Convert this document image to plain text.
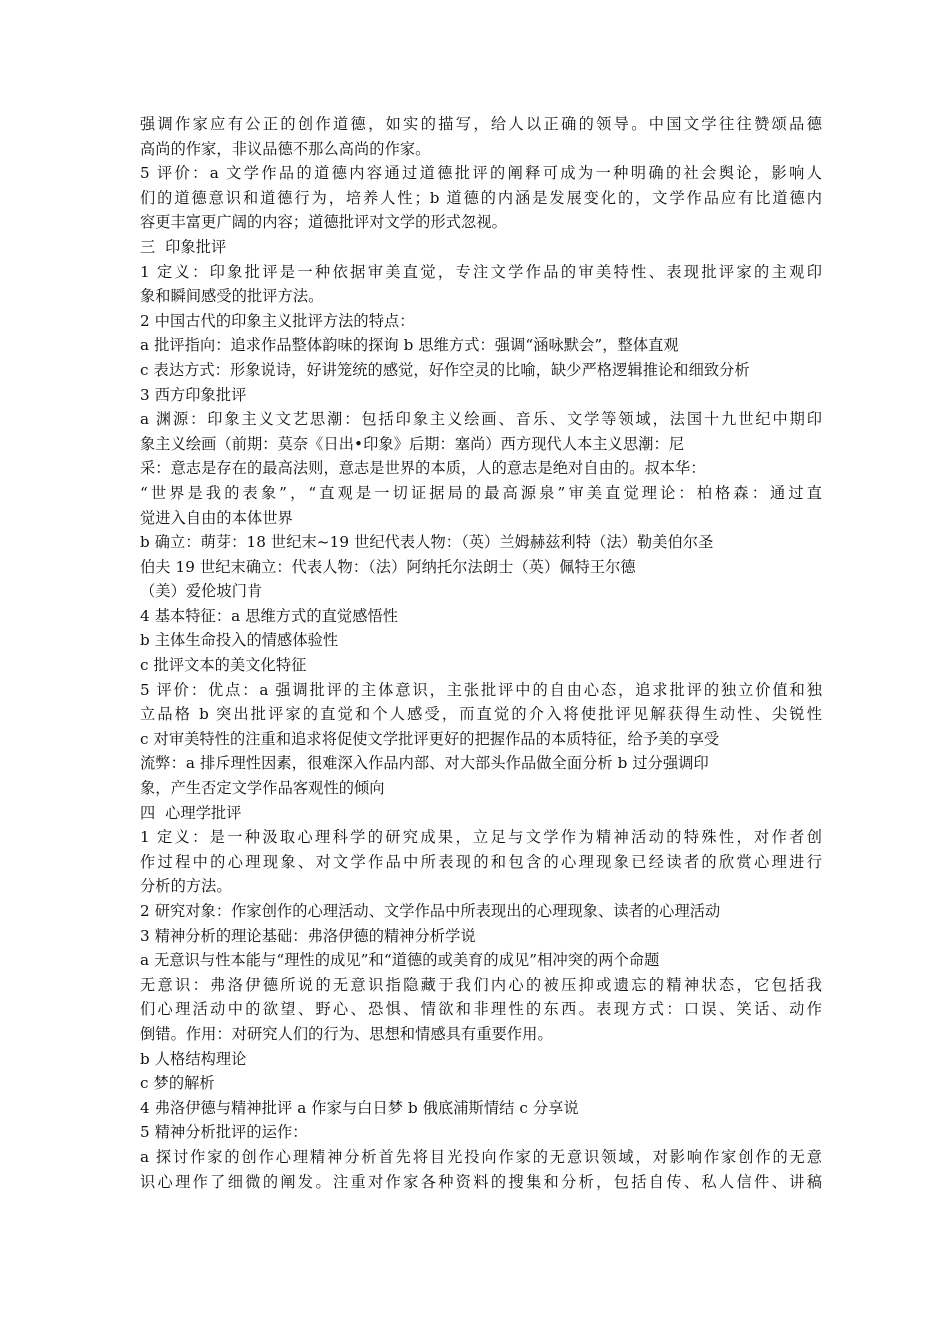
强调作家应有公正的创作道德，如实的描写，给人以正确的领导。中国文学往往赞颂品德
高尚的作家，非议品德不那么高尚的作家。
5 评价：a 文学作品的道德内容通过道德批评的阐释可成为一种明确的社会舆论，影响人
们的道德意识和道德行为，培养人性；b 道德的内涵是发展变化的，文学作品应有比道德内
容更丰富更广阔的内容；道德批评对文学的形式忽视。
三  印象批评
1 定义：印象批评是一种依据审美直觉，专注文学作品的审美特性、表现批评家的主观印
象和瞬间感受的批评方法。
2 中国古代的印象主义批评方法的特点：
a 批评指向：追求作品整体韵味的探询 b 思维方式：强调“涵咏默会”，整体直观
c 表达方式：形象说诗，好讲笼统的感觉，好作空灵的比喻，缺少严格逻辑推论和细致分析
3 西方印象批评
a 渊源：印象主义文艺思潮：包括印象主义绘画、音乐、文学等领域，法国十九世纪中期印
象主义绘画（前期：莫奈《日出•印象》后期：塞尚）西方现代人本主义思潮：尼
采：意志是存在的最高法则，意志是世界的本质，人的意志是绝对自由的。叔本华：
“世界是我的表象”，“直观是一切证据局的最高源泉”审美直觉理论：柏格森：通过直
觉进入自由的本体世界
b 确立：萌芽：18 世纪末~19 世纪代表人物：（英）兰姆赫兹利特（法）勒美伯尔圣
伯夫 19 世纪末确立：代表人物：（法）阿纳托尔法朗士（英）佩特王尔德
（美）爱伦坡门肯
4 基本特征：a 思维方式的直觉感悟性
b 主体生命投入的情感体验性
c 批评文本的美文化特征
5 评价：优点：a 强调批评的主体意识，主张批评中的自由心态，追求批评的独立价值和独
立品格 b 突出批评家的直觉和个人感受，而直觉的介入将使批评见解获得生动性、尖锐性
c 对审美特性的注重和追求将促使文学批评更好的把握作品的本质特征，给予美的享受
流弊：a 排斥理性因素，很难深入作品内部、对大部头作品做全面分析 b 过分强调印
象，产生否定文学作品客观性的倾向
四  心理学批评
1 定义：是一种汲取心理科学的研究成果，立足与文学作为精神活动的特殊性，对作者创
作过程中的心理现象、对文学作品中所表现的和包含的心理现象已经读者的欣赏心理进行
分析的方法。
2 研究对象：作家创作的心理活动、文学作品中所表现出的心理现象、读者的心理活动
3 精神分析的理论基础：弗洛伊德的精神分析学说
a 无意识与性本能与“理性的成见”和“道德的或美育的成见”相冲突的两个命题
无意识：弗洛伊德所说的无意识指隐藏于我们内心的被压抑或遗忘的精神状态，它包括我
们心理活动中的欲望、野心、恐惧、情欲和非理性的东西。表现方式：口误、笑话、动作
倒错。作用：对研究人们的行为、思想和情感具有重要作用。
b 人格结构理论
c 梦的解析
4 弗洛伊德与精神批评 a 作家与白日梦 b 俄底浦斯情结 c 分享说
5 精神分析批评的运作：
a 探讨作家的创作心理精神分析首先将目光投向作家的无意识领域，对影响作家创作的无意
识心理作了细微的阐发。注重对作家各种资料的搜集和分析，包括自传、私人信件、讲稿
